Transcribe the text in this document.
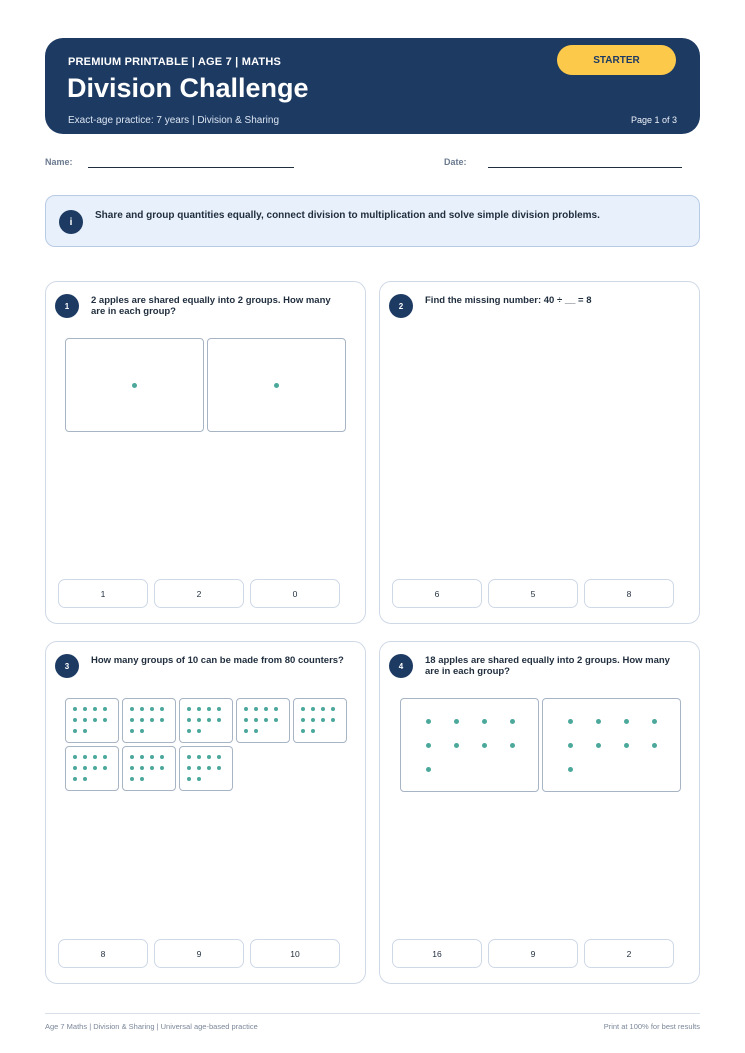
PREMIUM PRINTABLE | AGE 7 | MATHS
Division Challenge
Exact-age practice: 7 years | Division & Sharing
STARTER
Page 1 of 3
Name:	Date:
i
Share and group quantities equally, connect division to multiplication and solve simple division problems.
1	2 apples are shared equally into 2 groups. How many are in each group?
1	2	0
2	Find the missing number: 40 ÷ __ = 8
6	5	8
3	How many groups of 10 can be made from 80 counters?
8	9	10
4	18 apples are shared equally into 2 groups. How many are in each group?
16	9	2
Age 7 Maths | Division & Sharing | Universal age-based practice	Print at 100% for best results
